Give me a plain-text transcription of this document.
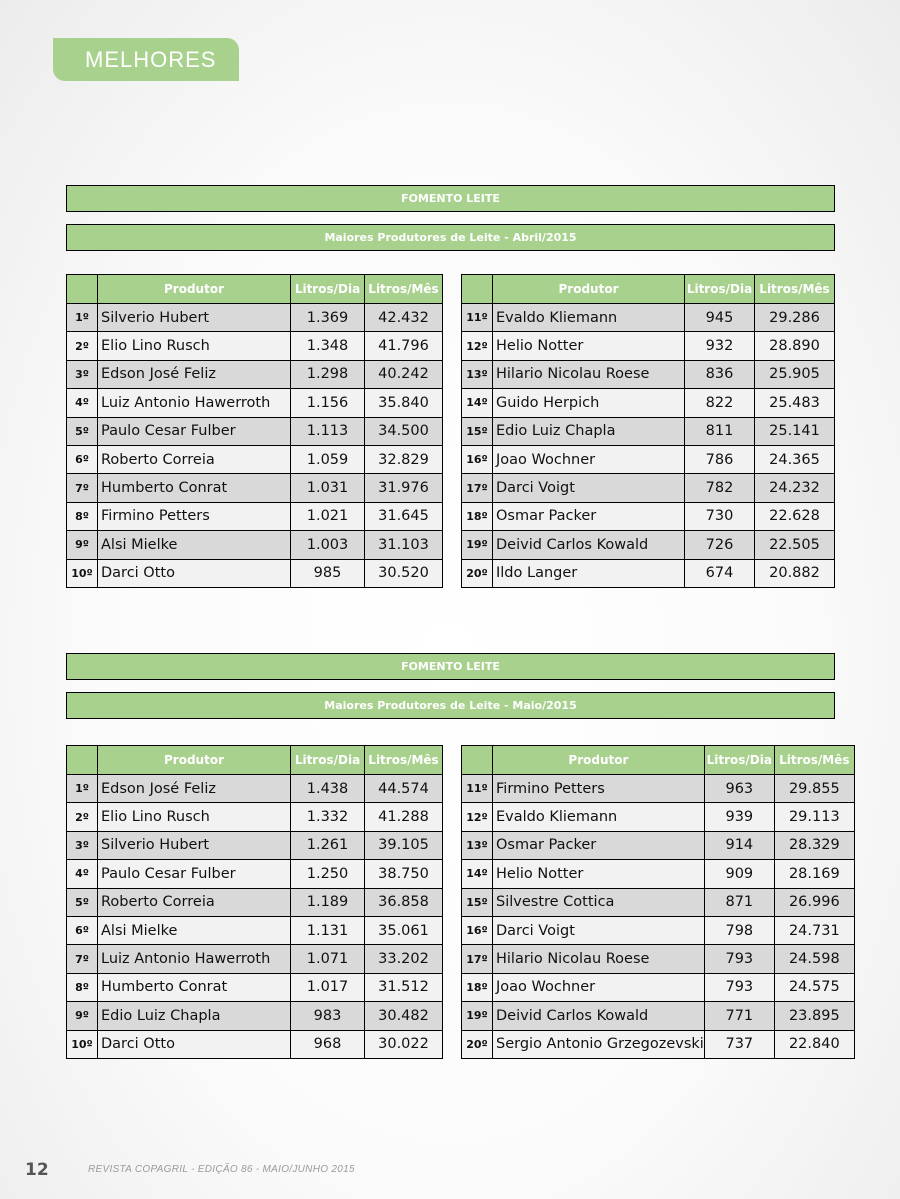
MELHORES
FOMENTO LEITE
Maiores Produtores de Leite - Abril/2015
	Produtor	Litros/Dia	Litros/Mês
1º	Silverio Hubert	1.369	42.432
2º	Elio Lino Rusch	1.348	41.796
3º	Edson José Feliz	1.298	40.242
4º	Luiz Antonio Hawerroth	1.156	35.840
5º	Paulo Cesar Fulber	1.113	34.500
6º	Roberto Correia	1.059	32.829
7º	Humberto Conrat	1.031	31.976
8º	Firmino Petters	1.021	31.645
9º	Alsi Mielke	1.003	31.103
10º	Darci Otto	985	30.520
	Produtor	Litros/Dia	Litros/Mês
11º	Evaldo Kliemann	945	29.286
12º	Helio Notter	932	28.890
13º	Hilario Nicolau Roese	836	25.905
14º	Guido Herpich	822	25.483
15º	Edio Luiz Chapla	811	25.141
16º	Joao Wochner	786	24.365
17º	Darci Voigt	782	24.232
18º	Osmar Packer	730	22.628
19º	Deivid Carlos Kowald	726	22.505
20º	Ildo Langer	674	20.882
FOMENTO LEITE
Maiores Produtores de Leite - Maio/2015
	Produtor	Litros/Dia	Litros/Mês
1º	Edson José Feliz	1.438	44.574
2º	Elio Lino Rusch	1.332	41.288
3º	Silverio Hubert	1.261	39.105
4º	Paulo Cesar Fulber	1.250	38.750
5º	Roberto Correia	1.189	36.858
6º	Alsi Mielke	1.131	35.061
7º	Luiz Antonio Hawerroth	1.071	33.202
8º	Humberto Conrat	1.017	31.512
9º	Edio Luiz Chapla	983	30.482
10º	Darci Otto	968	30.022
	Produtor	Litros/Dia	Litros/Mês
11º	Firmino Petters	963	29.855
12º	Evaldo Kliemann	939	29.113
13º	Osmar Packer	914	28.329
14º	Helio Notter	909	28.169
15º	Silvestre Cottica	871	26.996
16º	Darci Voigt	798	24.731
17º	Hilario Nicolau Roese	793	24.598
18º	Joao Wochner	793	24.575
19º	Deivid Carlos Kowald	771	23.895
20º	Sergio Antonio Grzegozevski	737	22.840
12	REVISTA COPAGRIL - EDIÇÃO 86 - MAIO/JUNHO 2015
